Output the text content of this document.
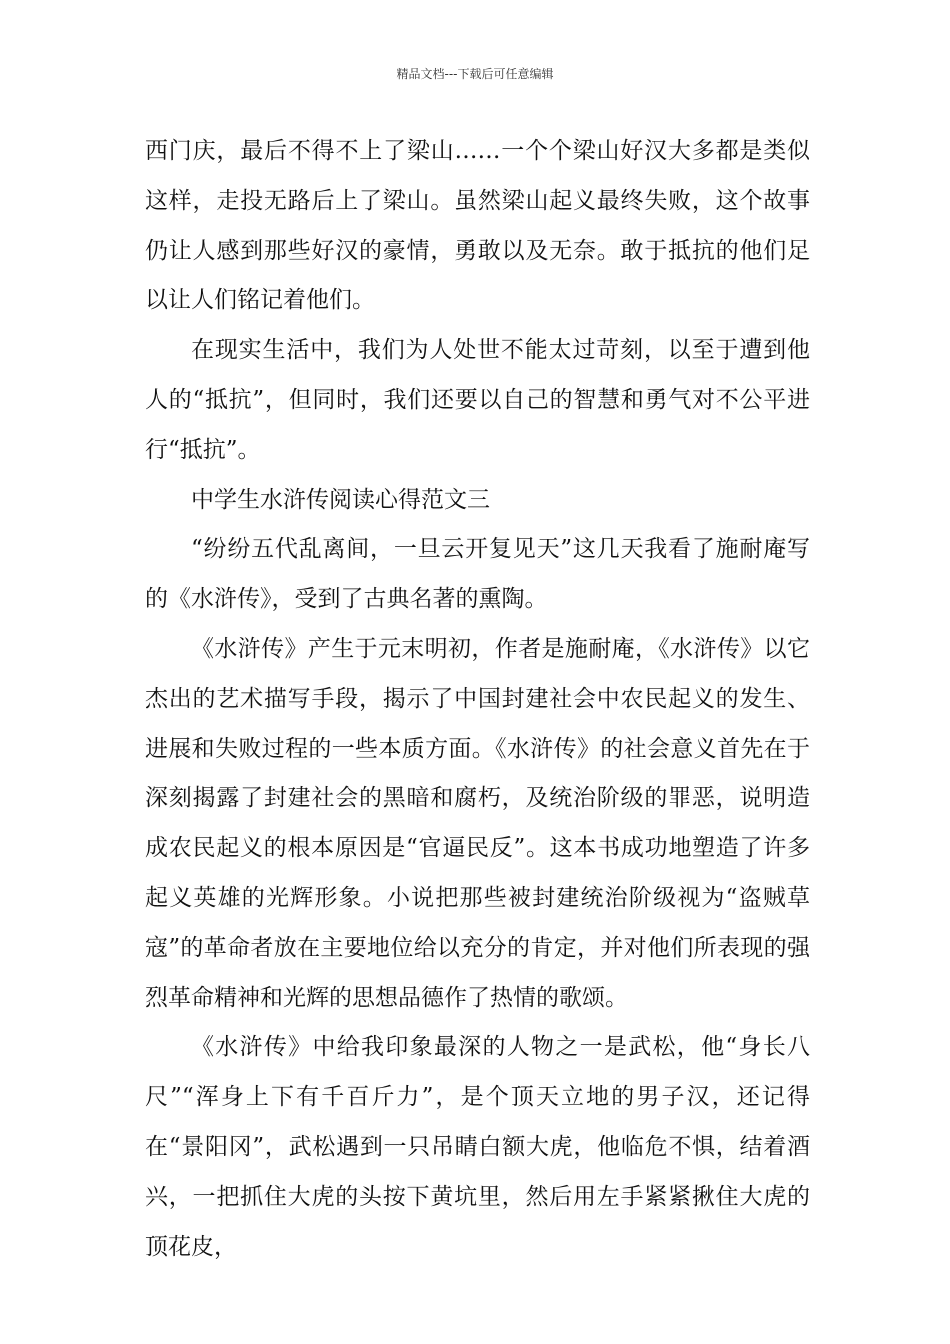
精品文档---下载后可任意编辑

西门庆，最后不得不上了梁山……一个个梁山好汉大多都是类似这样，走投无路后上了梁山。虽然梁山起义最终失败，这个故事仍让人感到那些好汉的豪情，勇敢以及无奈。敢于抵抗的他们足以让人们铭记着他们。

在现实生活中，我们为人处世不能太过苛刻，以至于遭到他人的“抵抗”，但同时，我们还要以自己的智慧和勇气对不公平进行“抵抗”。

中学生水浒传阅读心得范文三

“纷纷五代乱离间，一旦云开复见天”这几天我看了施耐庵写的《水浒传》，受到了古典名著的熏陶。

《水浒传》产生于元末明初，作者是施耐庵，《水浒传》以它杰出的艺术描写手段，揭示了中国封建社会中农民起义的发生、进展和失败过程的一些本质方面。《水浒传》的社会意义首先在于深刻揭露了封建社会的黑暗和腐朽，及统治阶级的罪恶，说明造成农民起义的根本原因是“官逼民反”。这本书成功地塑造了许多起义英雄的光辉形象。小说把那些被封建统治阶级视为“盗贼草寇”的革命者放在主要地位给以充分的肯定，并对他们所表现的强烈革命精神和光辉的思想品德作了热情的歌颂。

《水浒传》中给我印象最深的人物之一是武松，他“身长八尺”“浑身上下有千百斤力”，是个顶天立地的男子汉，还记得在“景阳冈”，武松遇到一只吊睛白额大虎，他临危不惧，结着酒兴，一把抓住大虎的头按下黄坑里，然后用左手紧紧揪住大虎的顶花皮，
